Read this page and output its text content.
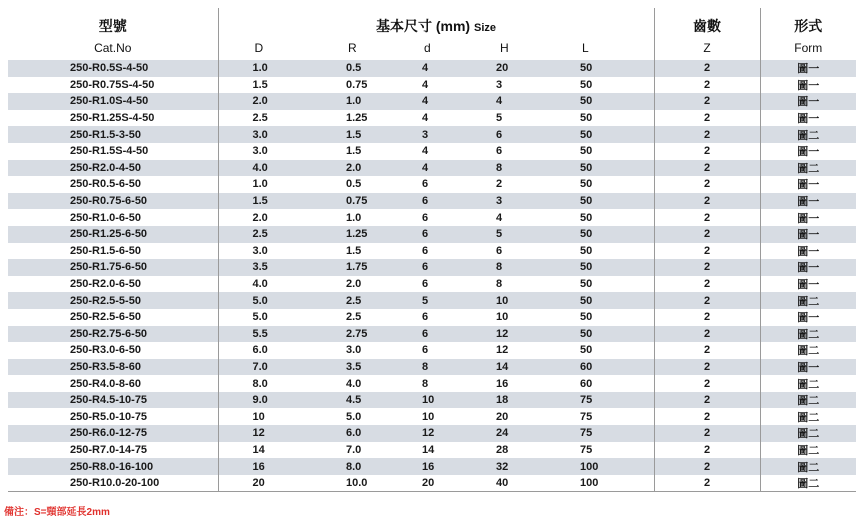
型號	基本尺寸 (mm) Size					齒數	形式
Cat.No	D	R	d	H	L	Z	Form
250-R0.5S-4-50	1.0	0.5	4	20	50	2	圖一
250-R0.75S-4-50	1.5	0.75	4	3	50	2	圖一
250-R1.0S-4-50	2.0	1.0	4	4	50	2	圖一
250-R1.25S-4-50	2.5	1.25	4	5	50	2	圖一
250-R1.5-3-50	3.0	1.5	3	6	50	2	圖二
250-R1.5S-4-50	3.0	1.5	4	6	50	2	圖一
250-R2.0-4-50	4.0	2.0	4	8	50	2	圖二
250-R0.5-6-50	1.0	0.5	6	2	50	2	圖一
250-R0.75-6-50	1.5	0.75	6	3	50	2	圖一
250-R1.0-6-50	2.0	1.0	6	4	50	2	圖一
250-R1.25-6-50	2.5	1.25	6	5	50	2	圖一
250-R1.5-6-50	3.0	1.5	6	6	50	2	圖一
250-R1.75-6-50	3.5	1.75	6	8	50	2	圖一
250-R2.0-6-50	4.0	2.0	6	8	50	2	圖一
250-R2.5-5-50	5.0	2.5	5	10	50	2	圖二
250-R2.5-6-50	5.0	2.5	6	10	50	2	圖一
250-R2.75-6-50	5.5	2.75	6	12	50	2	圖二
250-R3.0-6-50	6.0	3.0	6	12	50	2	圖二
250-R3.5-8-60	7.0	3.5	8	14	60	2	圖一
250-R4.0-8-60	8.0	4.0	8	16	60	2	圖二
250-R4.5-10-75	9.0	4.5	10	18	75	2	圖二
250-R5.0-10-75	10	5.0	10	20	75	2	圖二
250-R6.0-12-75	12	6.0	12	24	75	2	圖二
250-R7.0-14-75	14	7.0	14	28	75	2	圖二
250-R8.0-16-100	16	8.0	16	32	100	2	圖二
250-R10.0-20-100	20	10.0	20	40	100	2	圖二
備注：S=頸部延長2mm
